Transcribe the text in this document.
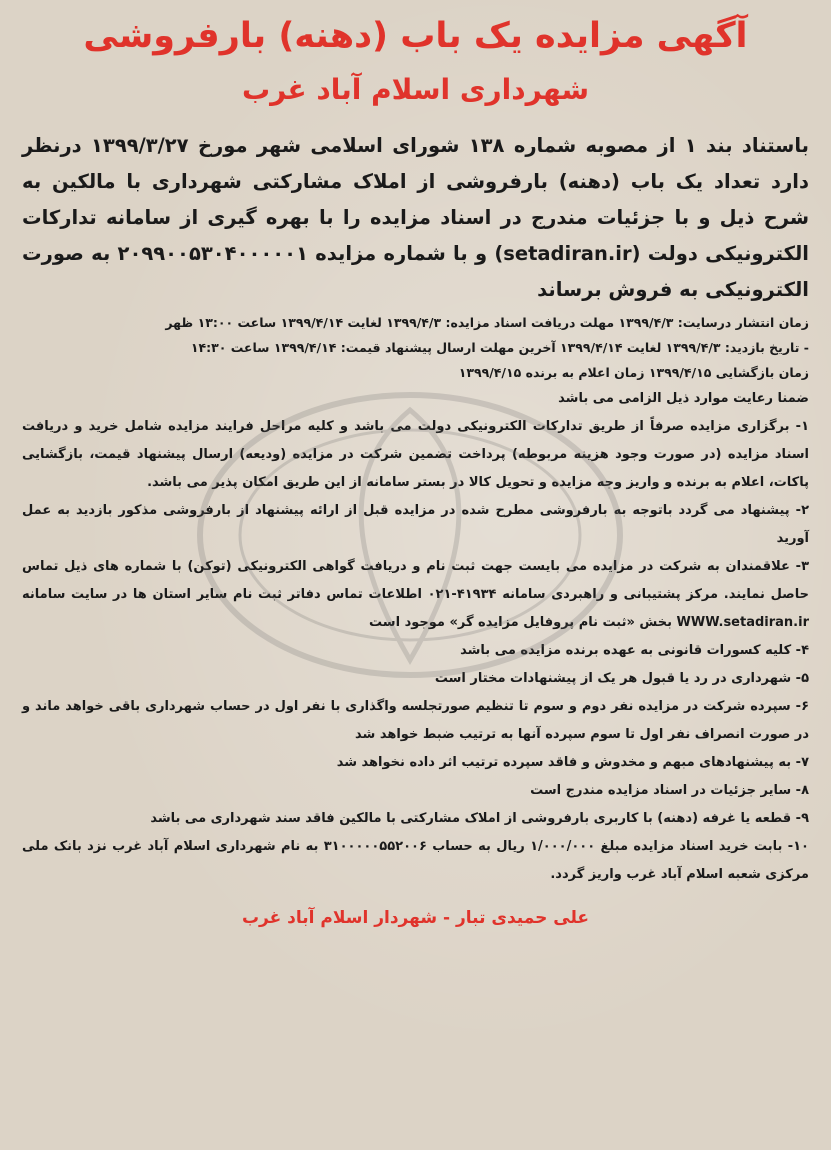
آگهی مزایده یک باب (دهنه) بارفروشی
شهرداری اسلام آباد غرب

باستناد بند ۱ از مصوبه شماره ۱۳۸ شورای اسلامی شهر مورخ ۱۳۹۹/۳/۲۷ درنظر دارد تعداد یک باب (دهنه) بارفروشی از املاک مشارکتی شهرداری با مالکین به شرح ذیل و با جزئیات مندرج در اسناد مزایده را با بهره گیری از سامانه تدارکات الکترونیکی دولت (setadiran.ir) و با شماره مزایده ۲۰۹۹۰۰۵۳۰۴۰۰۰۰۰۱ به صورت الکترونیکی به فروش برساند

زمان انتشار درسایت: ۱۳۹۹/۴/۳ مهلت دریافت اسناد مزایده: ۱۳۹۹/۴/۳ لغایت ۱۳۹۹/۴/۱۴ ساعت ۱۳:۰۰ ظهر

- تاریخ بازدید: ۱۳۹۹/۴/۳ لغایت ۱۳۹۹/۴/۱۴ آخرین مهلت ارسال پیشنهاد قیمت: ۱۳۹۹/۴/۱۴ ساعت ۱۴:۳۰

زمان بازگشایی ۱۳۹۹/۴/۱۵ زمان اعلام به برنده ۱۳۹۹/۴/۱۵

ضمنا رعایت موارد ذیل الزامی می باشد

۱- برگزاری مزایده صرفاً از طریق تدارکات الکترونیکی دولت می باشد و کلیه مراحل فرایند مزایده شامل خرید و دریافت اسناد مزایده (در صورت وجود هزینه مربوطه) پرداخت تضمین شرکت در مزایده (ودیعه) ارسال پیشنهاد قیمت، بازگشایی پاکات، اعلام به برنده و واریز وجه مزایده و تحویل کالا در بستر سامانه از این طریق امکان پذیر می باشد.

۲- پیشنهاد می گردد باتوجه به بارفروشی مطرح شده در مزایده قبل از ارائه پیشنهاد از بارفروشی مذکور بازدید به عمل آورید

۳- علاقمندان به شرکت در مزایده می بایست جهت ثبت نام و دریافت گواهی الکترونیکی (توکن) با شماره های ذیل تماس حاصل نمایند. مرکز پشتیبانی و راهبردی سامانه ۴۱۹۳۴-۰۲۱ اطلاعات تماس دفاتر ثبت نام سایر استان ها در سایت سامانه WWW.setadiran.ir بخش «ثبت نام پروفایل مزایده گر» موجود است

۴- کلیه کسورات قانونی به عهده برنده مزایده می باشد

۵- شهرداری در رد یا قبول هر یک از پیشنهادات مختار است

۶- سپرده شرکت در مزایده نفر دوم و سوم تا تنظیم صورتجلسه واگذاری با نفر اول در حساب شهرداری باقی خواهد ماند و در صورت انصراف نفر اول تا سوم سپرده آنها به ترتیب ضبط خواهد شد

۷- به پیشنهادهای مبهم و مخدوش و فاقد سپرده ترتیب اثر داده نخواهد شد

۸- سایر جزئیات در اسناد مزایده مندرج است

۹- قطعه یا غرفه (دهنه) با کاربری بارفروشی از املاک مشارکتی با مالکین فاقد سند شهرداری می باشد

۱۰- بابت خرید اسناد مزایده مبلغ ۱/۰۰۰/۰۰۰ ریال به حساب ۳۱۰۰۰۰۰۵۵۲۰۰۶ به نام شهرداری اسلام آباد غرب نزد بانک ملی مرکزی شعبه اسلام آباد غرب واریز گردد.

علی حمیدی تبار - شهردار اسلام آباد غرب
